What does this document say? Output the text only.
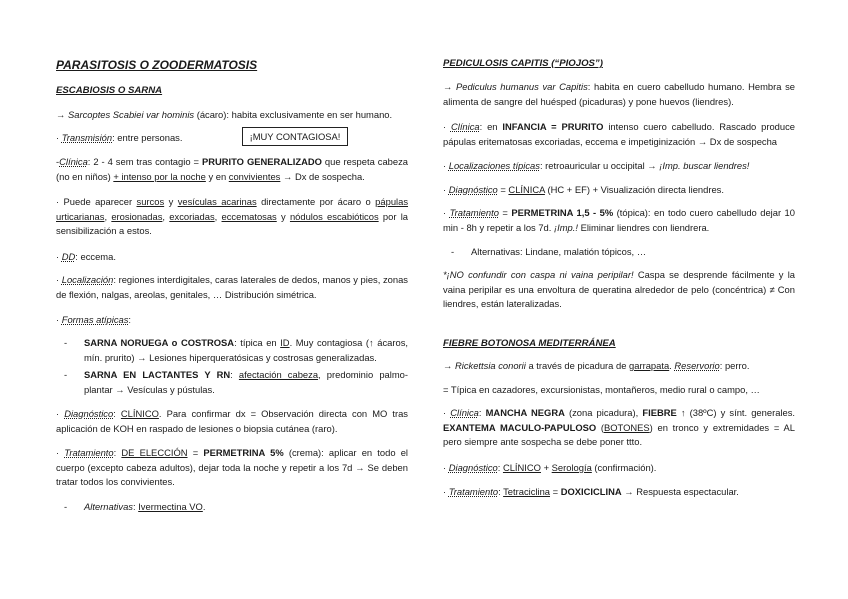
PARASITOSIS O ZOODERMATOSIS

ESCABIOSIS O SARNA

→ Sarcoptes Scabiei var hominis (ácaro): habita exclusivamente en ser humano.

· Transmisión: entre personas.	¡MUY CONTAGIOSA!

-Clínica: 2 - 4 sem tras contagio = PRURITO GENERALIZADO que respeta cabeza (no en niños) + intenso por la noche y en convivientes → Dx de sospecha.

· Puede aparecer surcos y vesículas acarinas directamente por ácaro o pápulas urticarianas, erosionadas, excoriadas, eccematosas y nódulos escabióticos por la sensibilización a estos.

· DD: eccema.

· Localización: regiones interdigitales, caras laterales de dedos, manos y pies, zonas de flexión, nalgas, areolas, genitales, … Distribución simétrica.

· Formas atípicas:

- SARNA NORUEGA o COSTROSA: típica en ID. Muy contagiosa (↑ ácaros, mín. prurito) → Lesiones hiperqueratósicas y costrosas generalizadas.

- SARNA EN LACTANTES Y RN: afectación cabeza, predominio palmo-plantar → Vesículas y pústulas.

· Diagnóstico: CLÍNICO. Para confirmar dx = Observación directa con MO tras aplicación de KOH en raspado de lesiones o biopsia cutánea (raro).

· Tratamiento: DE ELECCIÓN = PERMETRINA 5% (crema): aplicar en todo el cuerpo (excepto cabeza adultos), dejar toda la noche y repetir a los 7d → Se deben tratar todos los convivientes.

- Alternativas: Ivermectina VO.

PEDICULOSIS CAPITIS (“PIOJOS”)

→ Pediculus humanus var Capitis: habita en cuero cabelludo humano. Hembra se alimenta de sangre del huésped (picaduras) y pone huevos (liendres).

· Clínica: en INFANCIA = PRURITO intenso cuero cabelludo. Rascado produce pápulas eritematosas excoriadas, eccema e impetiginización → Dx de sospecha

· Localizaciones típicas: retroauricular u occipital → ¡Imp. buscar liendres!

· Diagnóstico = CLÍNICA (HC + EF) + Visualización directa liendres.

· Tratamiento = PERMETRINA 1,5 - 5% (tópica): en todo cuero cabelludo dejar 10 min - 8h y repetir a los 7d. ¡Imp.! Eliminar liendres con liendrera.

- Alternativas: Lindane, malatión tópicos, …

*¡NO confundir con caspa ni vaina peripilar! Caspa se desprende fácilmente y la vaina peripilar es una envoltura de queratina alrededor de pelo (concéntrica) ≠ Con liendres, están lateralizadas.

FIEBRE BOTONOSA MEDITERRÁNEA

→ Rickettsia conorii a través de picadura de garrapata. Reservorio: perro.

= Típica en cazadores, excursionistas, montañeros, medio rural o campo, …

· Clínica: MANCHA NEGRA (zona picadura), FIEBRE ↑ (38ºC) y sínt. generales. EXANTEMA MACULO-PAPULOSO (BOTONES) en tronco y extremidades = AL pero siempre ante sospecha se debe poner ttto.

· Diagnóstico: CLÍNICO + Serología (confirmación).

· Tratamiento: Tetraciclina = DOXICICLINA → Respuesta espectacular.
